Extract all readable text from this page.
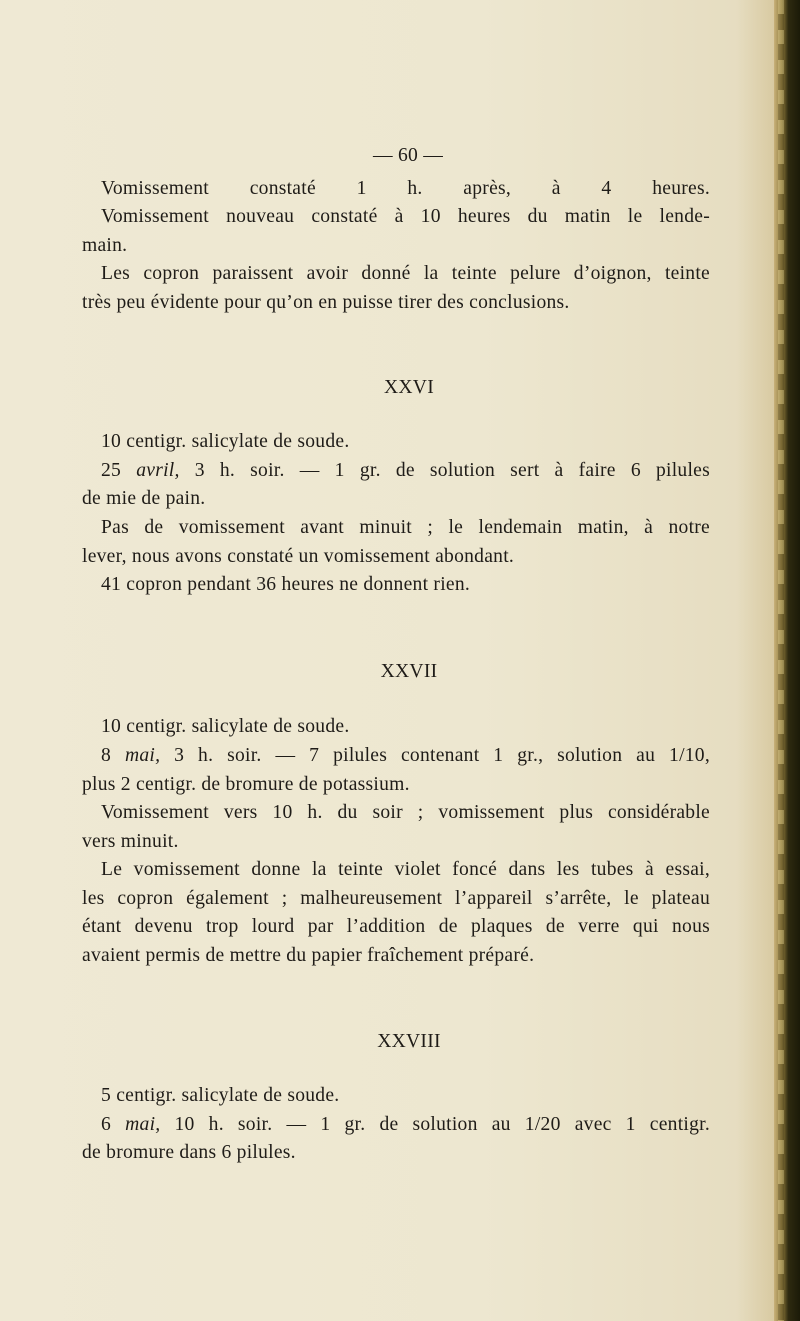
— 60 —
Vomissement constaté 1 h. après, à 4 heures.
Vomissement nouveau constaté à 10 heures du matin le lende-
main.
Les copron paraissent avoir donné la teinte pelure d’oignon, teinte
très peu évidente pour qu’on en puisse tirer des conclusions.
XXVI
10 centigr. salicylate de soude.
25 avril, 3 h. soir. — 1 gr. de solution sert à faire 6 pilules
de mie de pain.
Pas de vomissement avant minuit ; le lendemain matin, à notre
lever, nous avons constaté un vomissement abondant.
41 copron pendant 36 heures ne donnent rien.
XXVII
10 centigr. salicylate de soude.
8 mai, 3 h. soir. — 7 pilules contenant 1 gr., solution au 1/10,
plus 2 centigr. de bromure de potassium.
Vomissement vers 10 h. du soir ; vomissement plus considérable
vers minuit.
Le vomissement donne la teinte violet foncé dans les tubes à essai,
les copron également ; malheureusement l’appareil s’arrête, le plateau
étant devenu trop lourd par l’addition de plaques de verre qui nous
avaient permis de mettre du papier fraîchement préparé.
XXVIII
5 centigr. salicylate de soude.
6 mai, 10 h. soir. — 1 gr. de solution au 1/20 avec 1 centigr.
de bromure dans 6 pilules.
